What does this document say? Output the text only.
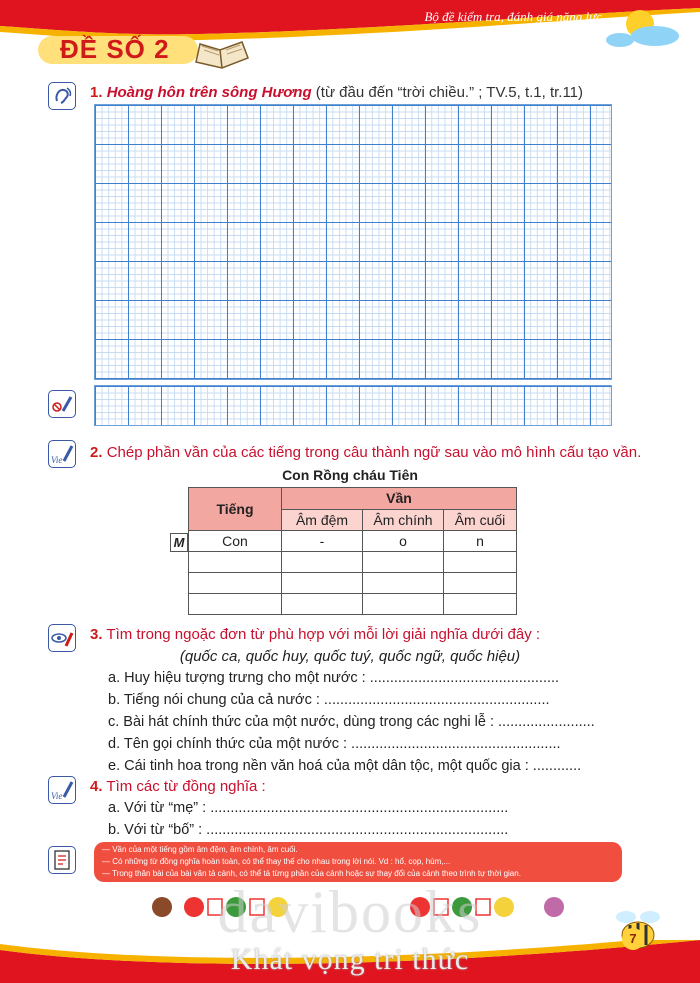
Bộ đề kiểm tra, đánh giá năng lực
Tiếng Việt 5, tập 1
ĐỀ SỐ 2
1. Hoàng hôn trên sông Hương (từ đầu đến “trời chiều.” ; TV.5, t.1, tr.11)
Vie 2. Chép phần vần của các tiếng trong câu thành ngữ sau vào mô hình cấu tạo vần.
Con Rồng cháu Tiên
M
Tiếng	Vần		
	Âm đệm	Âm chính	Âm cuối
Con	-	o	n

3. Tìm trong ngoặc đơn từ phù hợp với mỗi lời giải nghĩa dưới đây :
(quốc ca, quốc huy, quốc tuý, quốc ngữ, quốc hiệu)
a. Huy hiệu tượng trưng cho một nước : ...............................................
b. Tiếng nói chung của cả nước : ........................................................
c. Bài hát chính thức của một nước, dùng trong các nghi lễ : ........................
d. Tên gọi chính thức của một nước : ....................................................
e. Cái tinh hoa trong nền văn hoá của một dân tộc, một quốc gia : ............
Vie
4. Tìm các từ đồng nghĩa :
a. Với từ “mẹ” : ..........................................................................
b. Với từ “bố” : ...........................................................................
— Vần của một tiếng gồm âm đệm, âm chính, âm cuối.
— Có những từ đồng nghĩa hoàn toàn, có thể thay thế cho nhau trong lời nói. Vd : hổ, cọp, hùm,...
— Trong thân bài của bài văn tả cảnh, có thể tả từng phần của cảnh hoặc sự thay đổi của cảnh theo trình tự thời gian.
davibooks
Khát vọng tri thức
7
